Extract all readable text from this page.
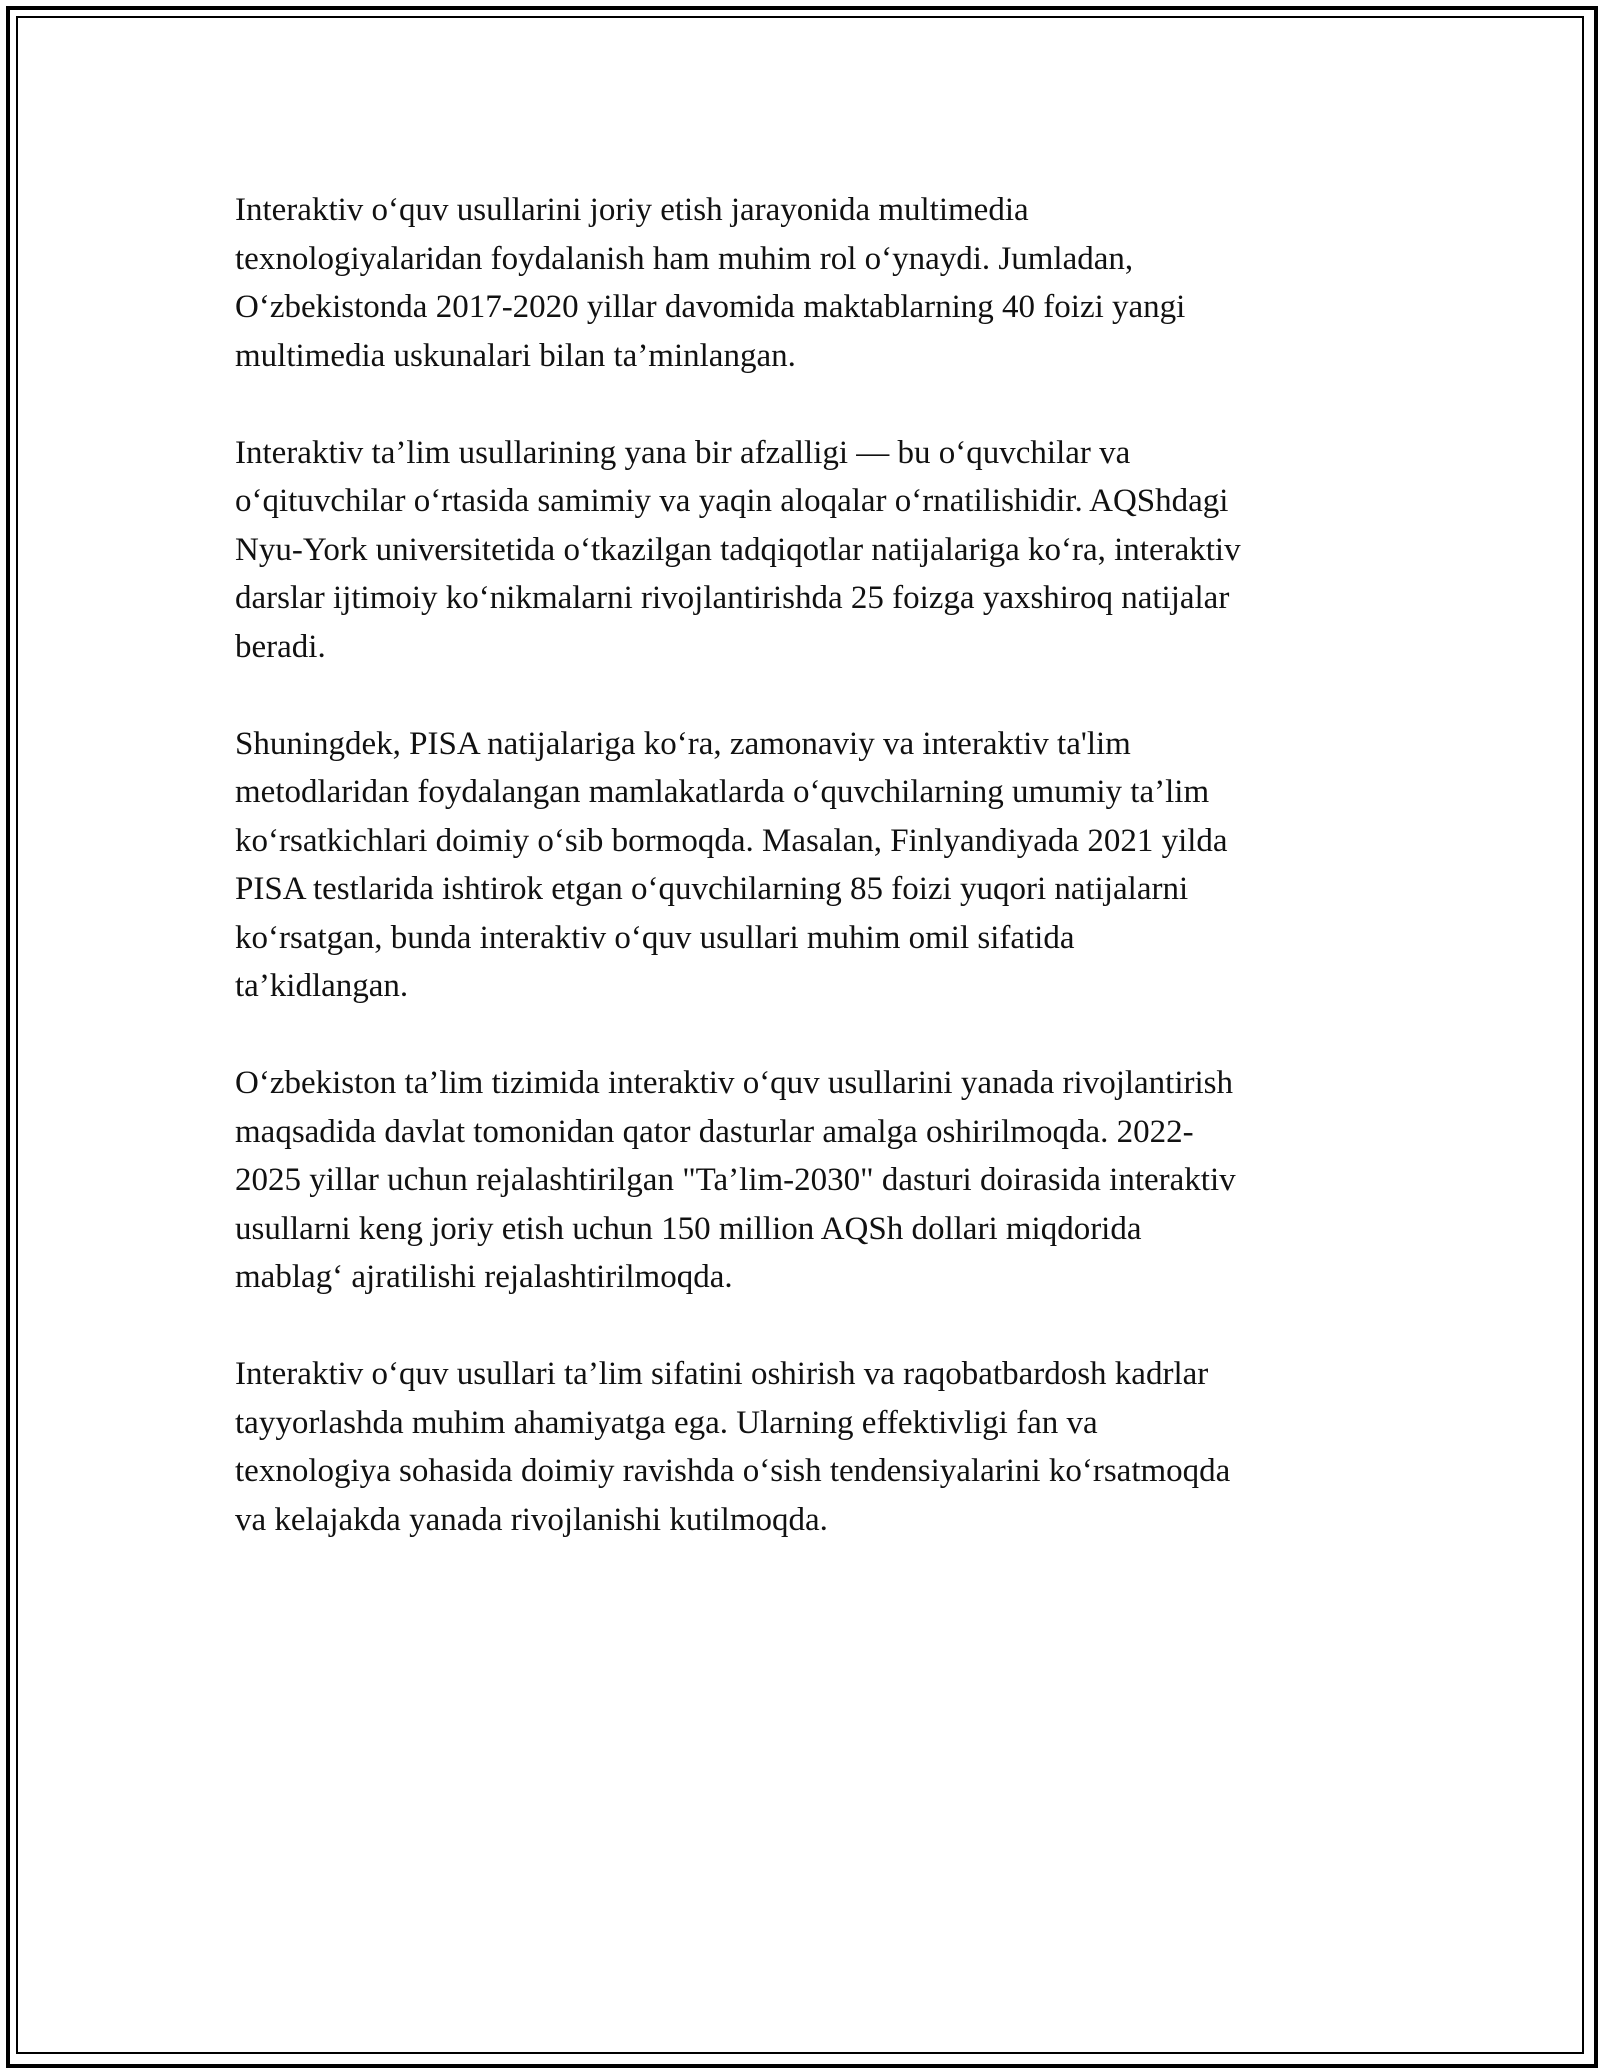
Interaktiv o‘quv usullarini joriy etish jarayonida multimedia
texnologiyalaridan foydalanish ham muhim rol o‘ynaydi. Jumladan,
O‘zbekistonda 2017-2020 yillar davomida maktablarning 40 foizi yangi
multimedia uskunalari bilan ta’minlangan.

Interaktiv ta’lim usullarining yana bir afzalligi — bu o‘quvchilar va
o‘qituvchilar o‘rtasida samimiy va yaqin aloqalar o‘rnatilishidir. AQShdagi
Nyu-York universitetida o‘tkazilgan tadqiqotlar natijalariga ko‘ra, interaktiv
darslar ijtimoiy ko‘nikmalarni rivojlantirishda 25 foizga yaxshiroq natijalar
beradi.

Shuningdek, PISA natijalariga ko‘ra, zamonaviy va interaktiv ta'lim
metodlaridan foydalangan mamlakatlarda o‘quvchilarning umumiy ta’lim
ko‘rsatkichlari doimiy o‘sib bormoqda. Masalan, Finlyandiyada 2021 yilda
PISA testlarida ishtirok etgan o‘quvchilarning 85 foizi yuqori natijalarni
ko‘rsatgan, bunda interaktiv o‘quv usullari muhim omil sifatida
ta’kidlangan.

O‘zbekiston ta’lim tizimida interaktiv o‘quv usullarini yanada rivojlantirish
maqsadida davlat tomonidan qator dasturlar amalga oshirilmoqda. 2022-
2025 yillar uchun rejalashtirilgan "Ta’lim-2030" dasturi doirasida interaktiv
usullarni keng joriy etish uchun 150 million AQSh dollari miqdorida
mablag‘ ajratilishi rejalashtirilmoqda.

Interaktiv o‘quv usullari ta’lim sifatini oshirish va raqobatbardosh kadrlar
tayyorlashda muhim ahamiyatga ega. Ularning effektivligi fan va
texnologiya sohasida doimiy ravishda o‘sish tendensiyalarini ko‘rsatmoqda
va kelajakda yanada rivojlanishi kutilmoqda.
